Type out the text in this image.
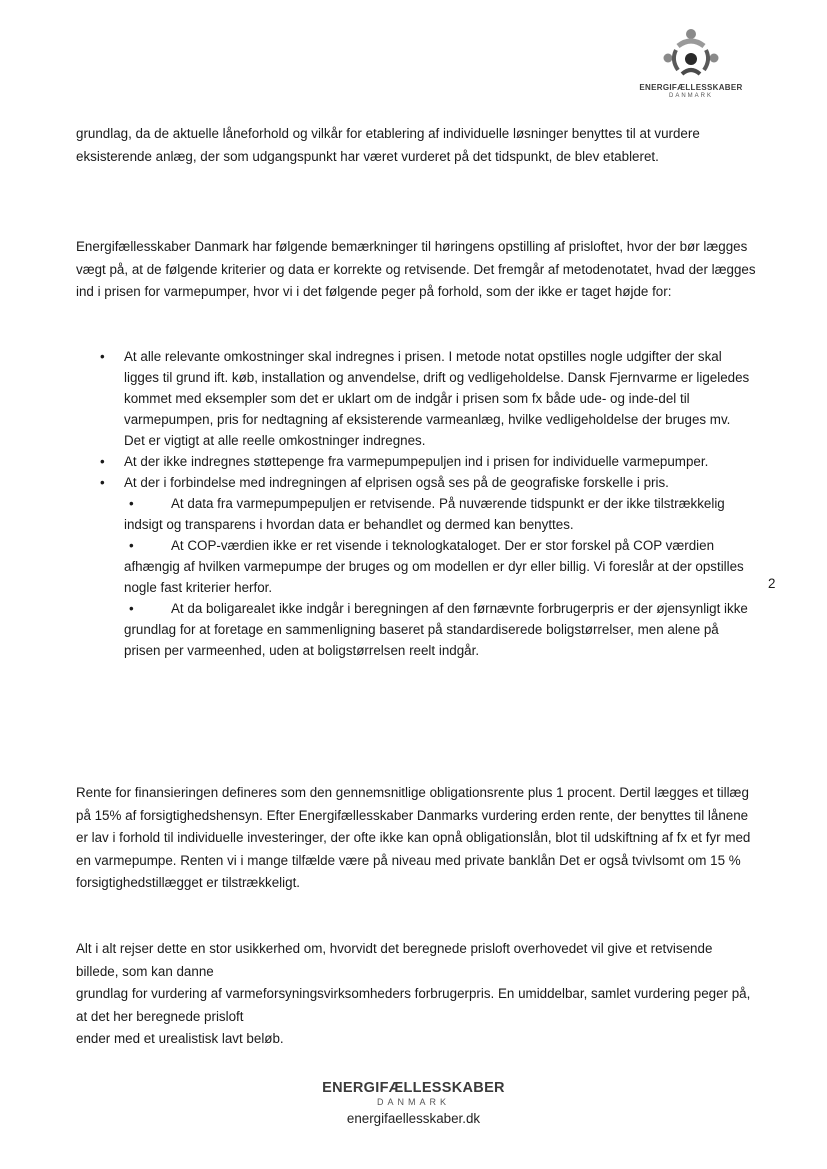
ENERGIFÆLLESSKABER
DANMARK

grundlag, da de aktuelle låneforhold og vilkår for etablering af individuelle løsninger benyttes til at vurdere eksisterende anlæg, der som udgangspunkt har været vurderet på det tidspunkt, de blev etableret.

Energifællesskaber Danmark har følgende bemærkninger til høringens opstilling af prisloftet, hvor der bør lægges vægt på, at de følgende kriterier og data er korrekte og retvisende. Det fremgår af metodenotatet, hvad der lægges ind i prisen for varmepumper, hvor vi i det følgende peger på forhold, som der ikke er taget højde for:

• At alle relevante omkostninger skal indregnes i prisen. I metode notat opstilles nogle udgifter der skal ligges til grund ift. køb, installation og anvendelse, drift og vedligeholdelse. Dansk Fjernvarme er ligeledes kommet med eksempler som det er uklart om de indgår i prisen som fx både ude- og inde-del til varmepumpen, pris for nedtagning af eksisterende varmeanlæg, hvilke vedligeholdelse der bruges mv. Det er vigtigt at alle reelle omkostninger indregnes.
• At der ikke indregnes støttepenge fra varmepumpepuljen ind i prisen for individuelle varmepumper.
• At der i forbindelse med indregningen af elprisen også ses på de geografiske forskelle i pris.
•	At data fra varmepumpepuljen er retvisende. På nuværende tidspunkt er der ikke tilstrækkelig indsigt og transparens i hvordan data er behandlet og dermed kan benyttes.
•	At COP-værdien ikke er ret visende i teknologkataloget. Der er stor forskel på COP værdien afhængig af hvilken varmepumpe der bruges og om modellen er dyr eller billig. Vi foreslår at der opstilles nogle fast kriterier herfor.
•	At da boligarealet ikke indgår i beregningen af den førnævnte forbrugerpris er der øjensynligt ikke grundlag for at foretage en sammenligning baseret på standardiserede boligstørrelser, men alene på prisen per varmeenhed, uden at boligstørrelsen reelt indgår.
2

Rente for finansieringen defineres som den gennemsnitlige obligationsrente plus 1 procent. Dertil lægges et tillæg på 15% af forsigtighedshensyn. Efter Energifællesskaber Danmarks vurdering erden rente, der benyttes til lånene er lav i forhold til individuelle investeringer, der ofte ikke kan opnå obligationslån, blot til udskiftning af fx et fyr med en varmepumpe. Renten vi i mange tilfælde være på niveau med private banklån Det er også tvivlsomt om 15 % forsigtighedstillægget er tilstrækkeligt.

Alt i alt rejser dette en stor usikkerhed om, hvorvidt det beregnede prisloft overhovedet vil give et retvisende billede, som kan danne

grundlag for vurdering af varmeforsyningsvirksomheders forbrugerpris. En umiddelbar, samlet vurdering peger på, at det her beregnede prisloft

ender med et urealistisk lavt beløb.

ENERGIFÆLLESSKABER
DANMARK
energifaellesskaber.dk
